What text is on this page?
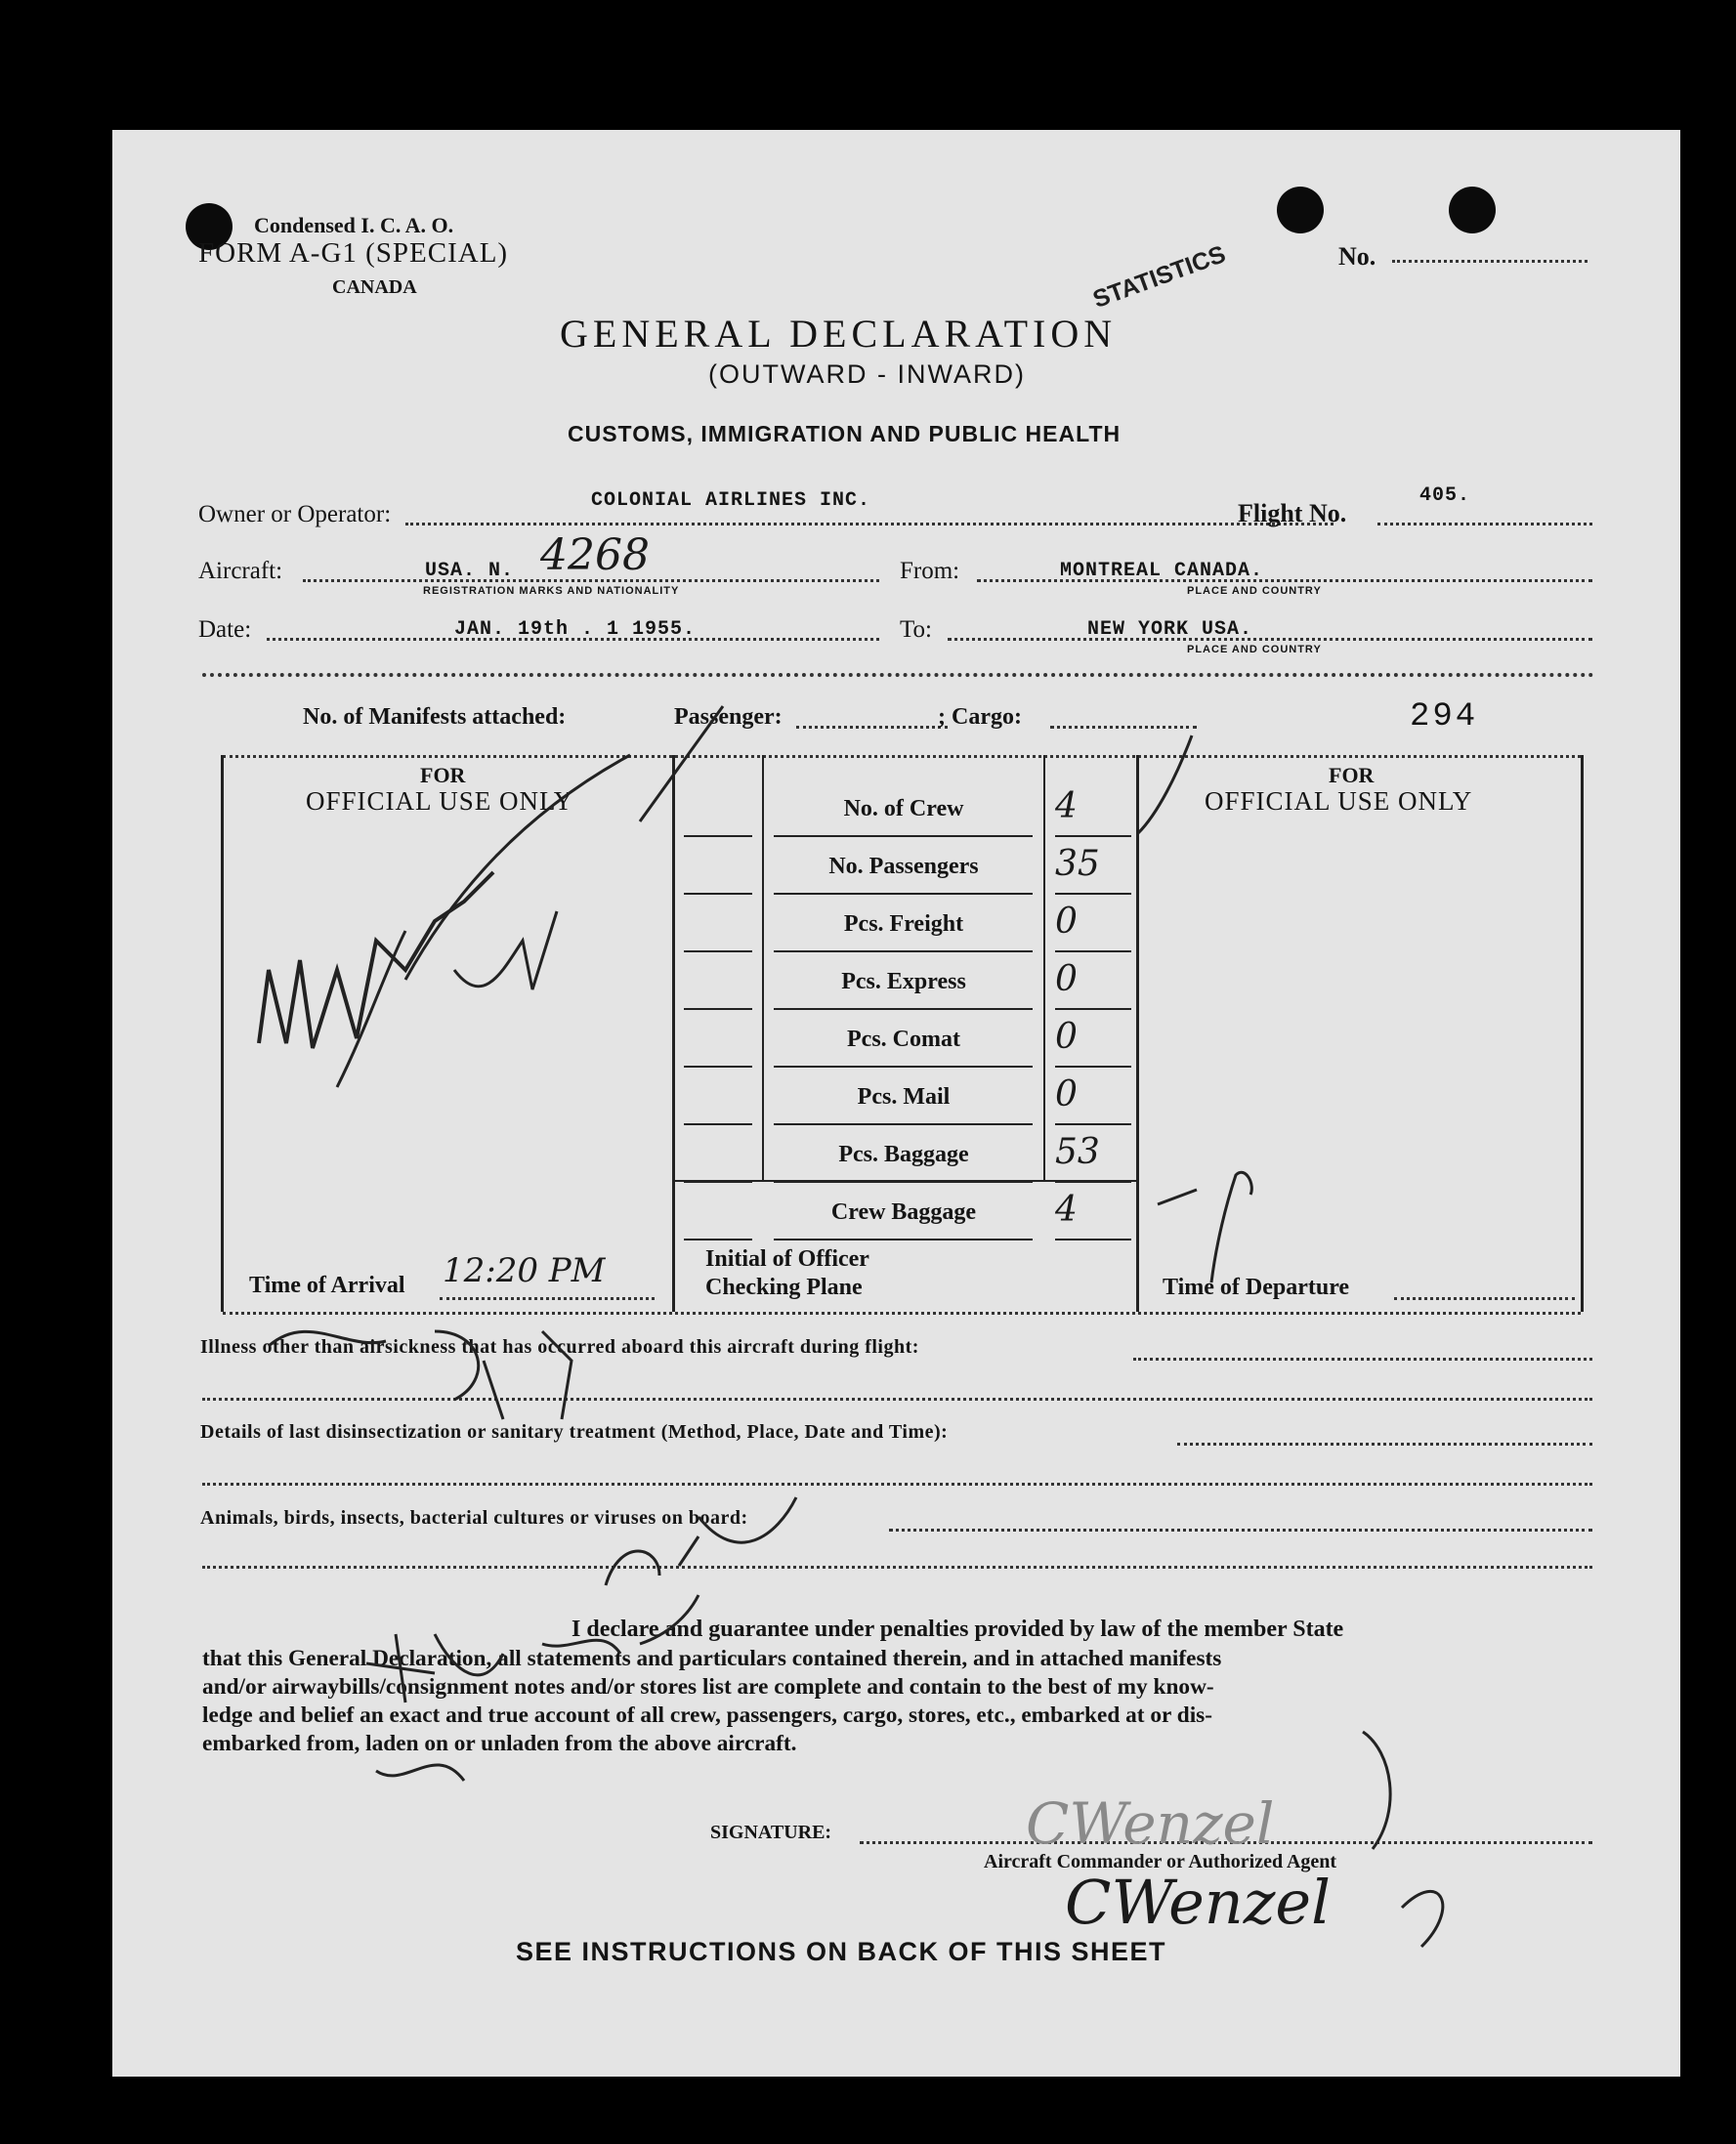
Condensed I. C. A. O.
FORM A-G1 (SPECIAL)
CANADA
No.
GENERAL DECLARATION
STATISTICS
(OUTWARD - INWARD)
CUSTOMS, IMMIGRATION AND PUBLIC HEALTH
Owner or Operator:
COLONIAL AIRLINES INC.	Flight No.
405.
Aircraft:	USA. N. 4268
REGISTRATION MARKS AND NATIONALITY
From:	MONTREAL CANADA.
PLACE AND COUNTRY
Date:	JAN. 19th . 1 1955.	To:	NEW YORK USA.
PLACE AND COUNTRY
No. of Manifests attached:	Passenger:	; Cargo:	294
FOR
OFFICIAL USE ONLY
FOR
OFFICIAL USE ONLY
No. of Crew	4
No. Passengers	35
Pcs. Freight	0
Pcs. Express	0
Pcs. Comat	0
Pcs. Mail	0
Pcs. Baggage	53
Crew Baggage	4
Time of Arrival 12:20 PM	Initial of Officer
Checking Plane	Time of Departure
Illness other than airsickness that has occurred aboard this aircraft during flight:
Details of last disinsectization or sanitary treatment (Method, Place, Date and Time):
Animals, birds, insects, bacterial cultures or viruses on board:
I declare and guarantee under penalties provided by law of the member State
that this General Declaration, all statements and particulars contained therein, and in attached manifests
and/or airwaybills/consignment notes and/or stores list are complete and contain to the best of my know-
ledge and belief an exact and true account of all crew, passengers, cargo, stores, etc., embarked at or dis-
embarked from, laden on or unladen from the above aircraft.
SIGNATURE:	CWenzel
Aircraft Commander or Authorized Agent
CWenzel
SEE INSTRUCTIONS ON BACK OF THIS SHEET
